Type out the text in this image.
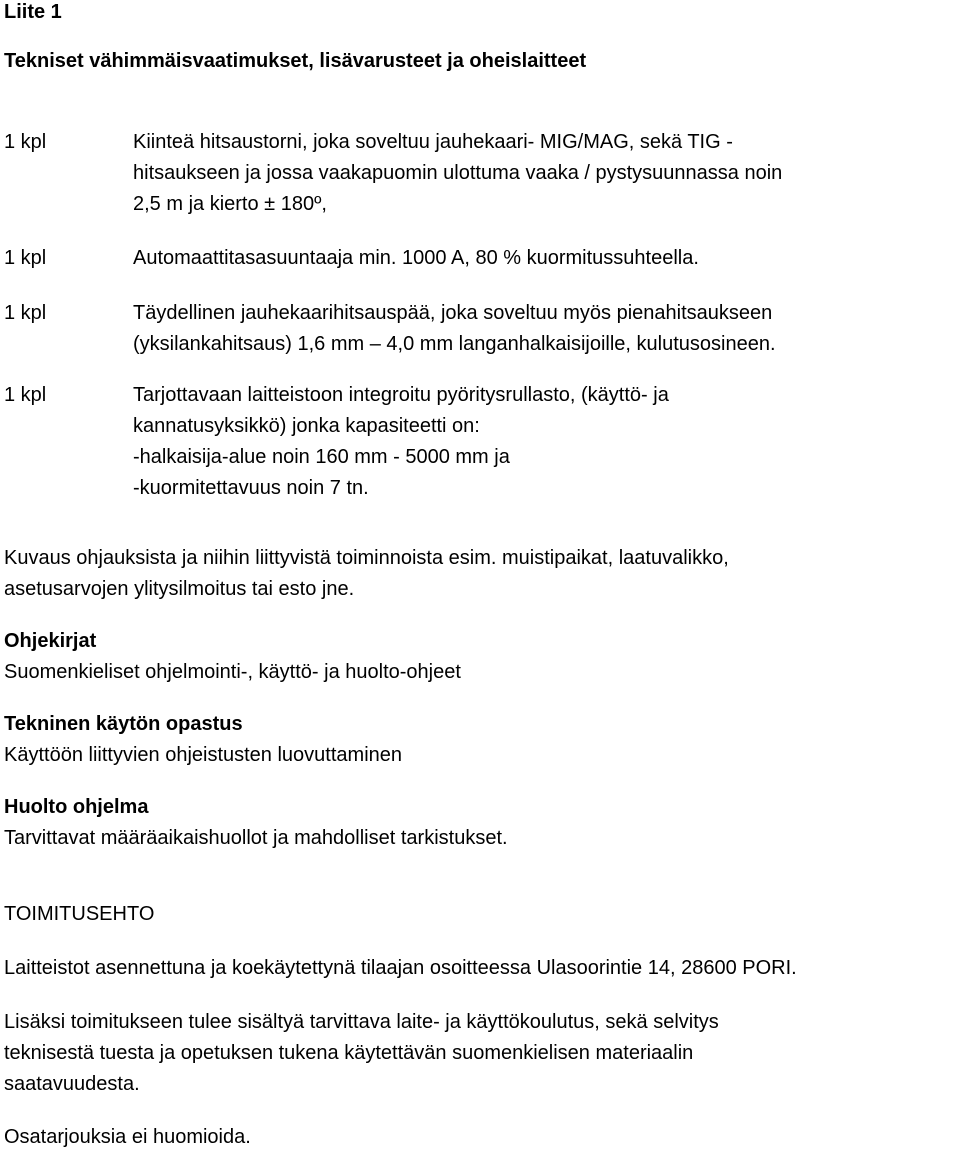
Liite 1
Tekniset vähimmäisvaatimukset, lisävarusteet ja oheislaitteet
1 kpl	Kiinteä hitsaustorni, joka soveltuu jauhekaari- MIG/MAG, sekä TIG -
hitsaukseen ja jossa vaakapuomin ulottuma vaaka / pystysuunnassa noin
2,5 m ja kierto ± 180º,
1 kpl	Automaattitasasuuntaaja min. 1000 A, 80 % kuormitussuhteella.
1 kpl	Täydellinen jauhekaarihitsauspää, joka soveltuu myös pienahitsaukseen
(yksilankahitsaus) 1,6 mm – 4,0 mm langanhalkaisijoille, kulutusosineen.
1 kpl	Tarjottavaan laitteistoon integroitu pyöritysrullasto, (käyttö- ja
kannatusyksikkö) jonka kapasiteetti on:
-halkaisija-alue noin 160 mm - 5000 mm ja
-kuormitettavuus noin 7 tn.
Kuvaus ohjauksista ja niihin liittyvistä toiminnoista esim. muistipaikat, laatuvalikko,
asetusarvojen ylitysilmoitus tai esto jne.
Ohjekirjat
Suomenkieliset ohjelmointi-, käyttö- ja huolto-ohjeet
Tekninen käytön opastus
Käyttöön liittyvien ohjeistusten luovuttaminen
Huolto ohjelma
Tarvittavat määräaikaishuollot ja mahdolliset tarkistukset.
TOIMITUSEHTO
Laitteistot asennettuna ja koekäytettynä tilaajan osoitteessa Ulasoorintie 14, 28600 PORI.
Lisäksi toimitukseen tulee sisältyä tarvittava laite- ja käyttökoulutus, sekä selvitys
teknisestä tuesta ja opetuksen tukena käytettävän suomenkielisen materiaalin
saatavuudesta.
Osatarjouksia ei huomioida.
